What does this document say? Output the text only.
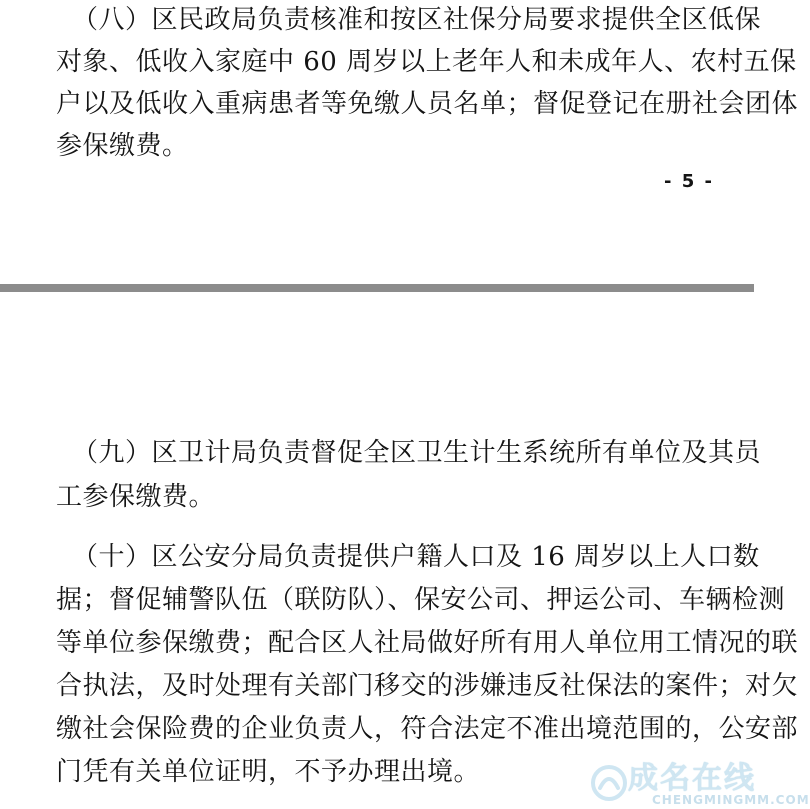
（八）区民政局负责核准和按区社保分局要求提供全区低保
对象、低收入家庭中 60 周岁以上老年人和未成年人、农村五保
户以及低收入重病患者等免缴人员名单；督促登记在册社会团体
参保缴费。
- 5 -
（九）区卫计局负责督促全区卫生计生系统所有单位及其员
工参保缴费。
（十）区公安分局负责提供户籍人口及 16 周岁以上人口数
据；督促辅警队伍（联防队）、保安公司、押运公司、车辆检测
等单位参保缴费；配合区人社局做好所有用人单位用工情况的联
合执法，及时处理有关部门移交的涉嫌违反社保法的案件；对欠
缴社会保险费的企业负责人，符合法定不准出境范围的，公安部
门凭有关单位证明，不予办理出境。	成名在线
CHENGMINGMM.COM
